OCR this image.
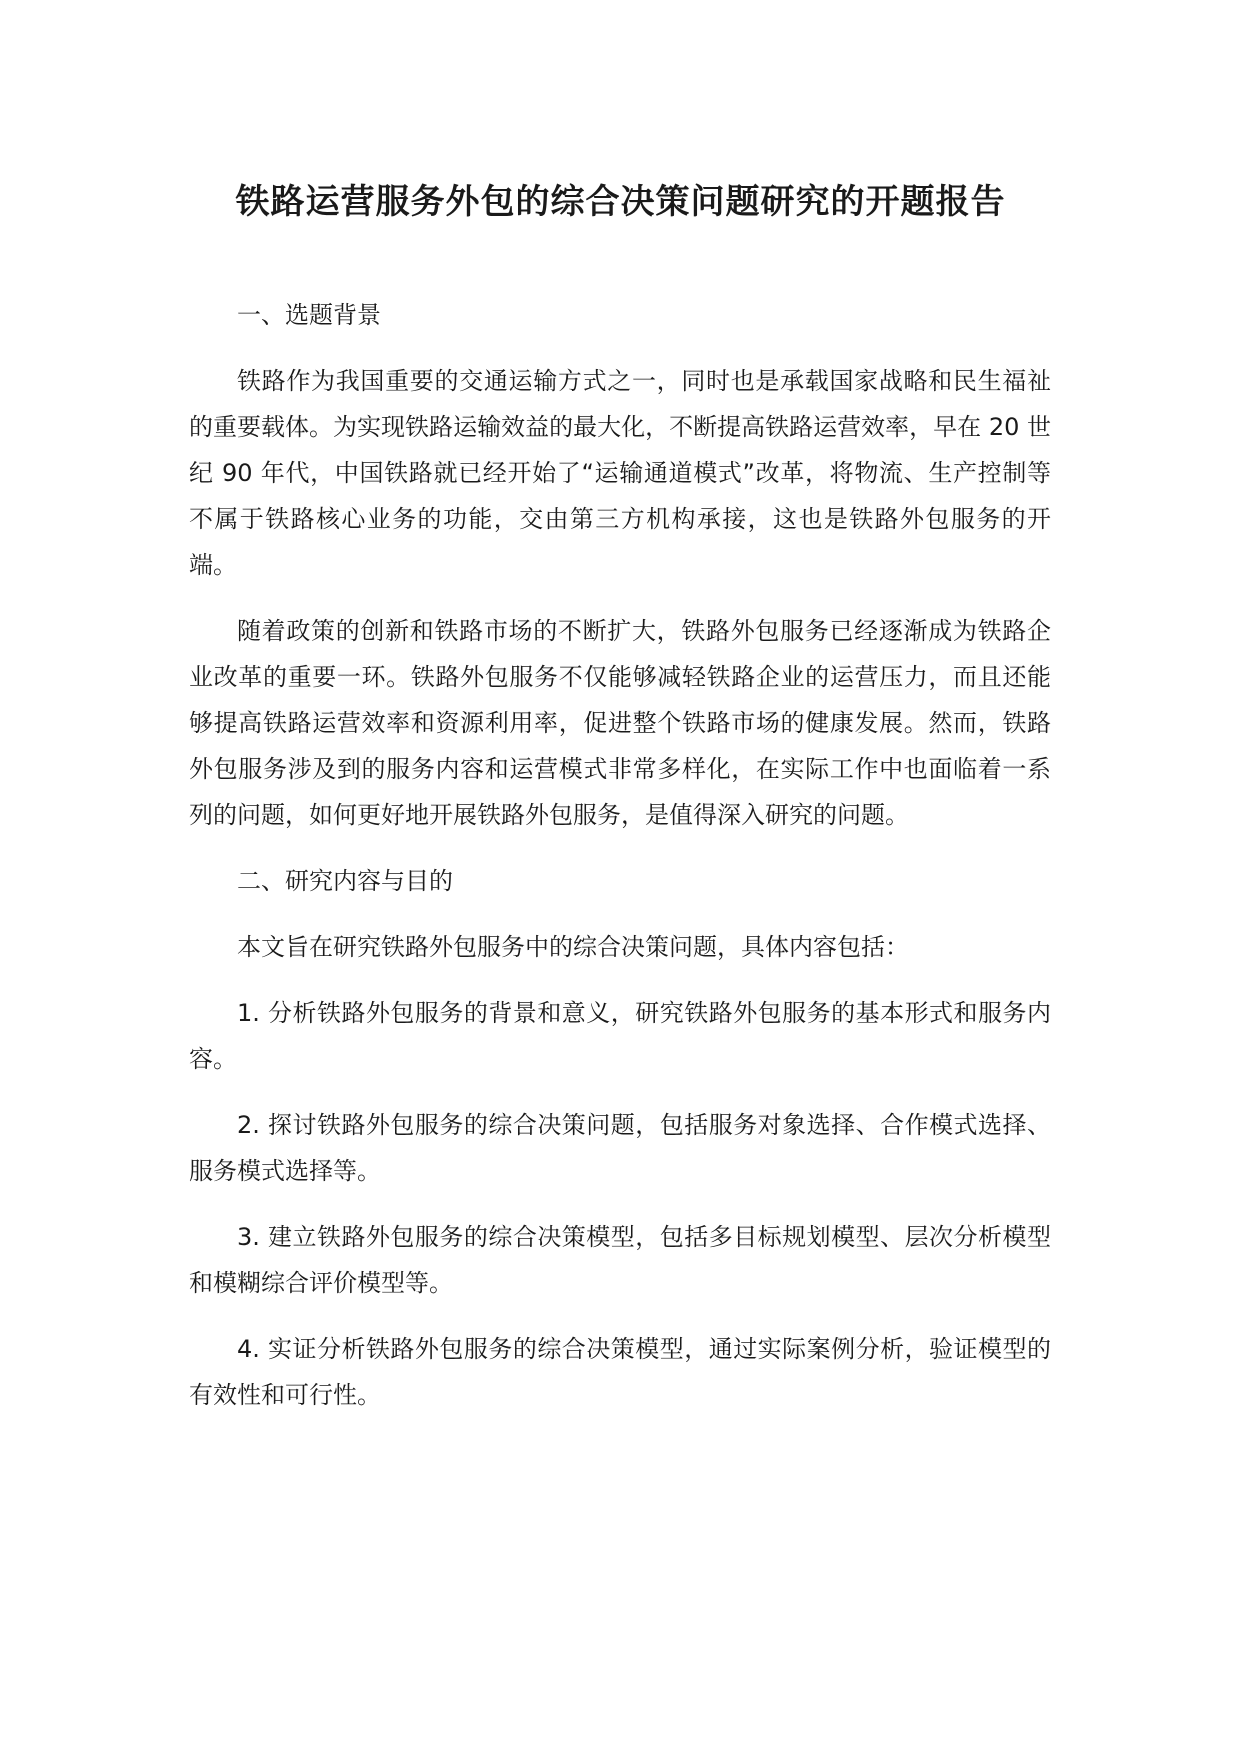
铁路运营服务外包的综合决策问题研究的开题报告

一、选题背景

铁路作为我国重要的交通运输方式之一，同时也是承载国家战略和民生福祉的重要载体。为实现铁路运输效益的最大化，不断提高铁路运营效率，早在 20 世纪 90 年代，中国铁路就已经开始了“运输通道模式”改革，将物流、生产控制等不属于铁路核心业务的功能，交由第三方机构承接，这也是铁路外包服务的开端。

随着政策的创新和铁路市场的不断扩大，铁路外包服务已经逐渐成为铁路企业改革的重要一环。铁路外包服务不仅能够减轻铁路企业的运营压力，而且还能够提高铁路运营效率和资源利用率，促进整个铁路市场的健康发展。然而，铁路外包服务涉及到的服务内容和运营模式非常多样化，在实际工作中也面临着一系列的问题，如何更好地开展铁路外包服务，是值得深入研究的问题。

二、研究内容与目的

本文旨在研究铁路外包服务中的综合决策问题，具体内容包括：

1. 分析铁路外包服务的背景和意义，研究铁路外包服务的基本形式和服务内容。

2. 探讨铁路外包服务的综合决策问题，包括服务对象选择、合作模式选择、服务模式选择等。

3. 建立铁路外包服务的综合决策模型，包括多目标规划模型、层次分析模型和模糊综合评价模型等。

4. 实证分析铁路外包服务的综合决策模型，通过实际案例分析，验证模型的有效性和可行性。
